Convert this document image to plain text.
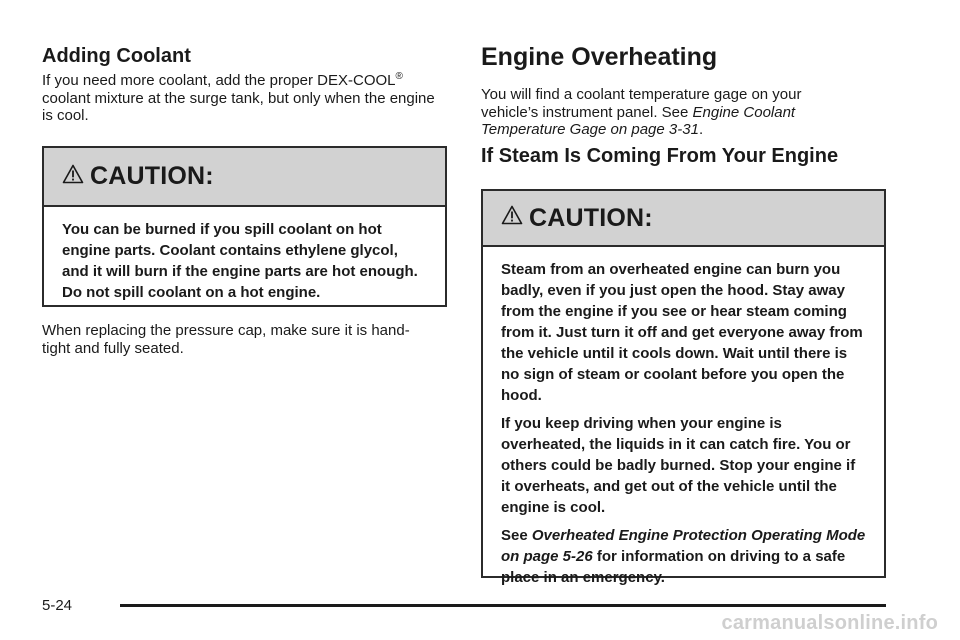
Adding Coolant

If you need more coolant, add the proper DEX-COOL® coolant mixture at the surge tank, but only when the engine is cool.

CAUTION:

You can be burned if you spill coolant on hot engine parts. Coolant contains ethylene glycol, and it will burn if the engine parts are hot enough. Do not spill coolant on a hot engine.

When replacing the pressure cap, make sure it is hand-tight and fully seated.

Engine Overheating

You will find a coolant temperature gage on your vehicle’s instrument panel. See Engine Coolant Temperature Gage on page 3-31.

If Steam Is Coming From Your Engine
CAUTION:

Steam from an overheated engine can burn you badly, even if you just open the hood. Stay away from the engine if you see or hear steam coming from it. Just turn it off and get everyone away from the vehicle until it cools down. Wait until there is no sign of steam or coolant before you open the hood.

If you keep driving when your engine is overheated, the liquids in it can catch fire. You or others could be badly burned. Stop your engine if it overheats, and get out of the vehicle until the engine is cool.

See Overheated Engine Protection Operating Mode on page 5-26 for information on driving to a safe place in an emergency.

5-24
carmanualsonline.info
